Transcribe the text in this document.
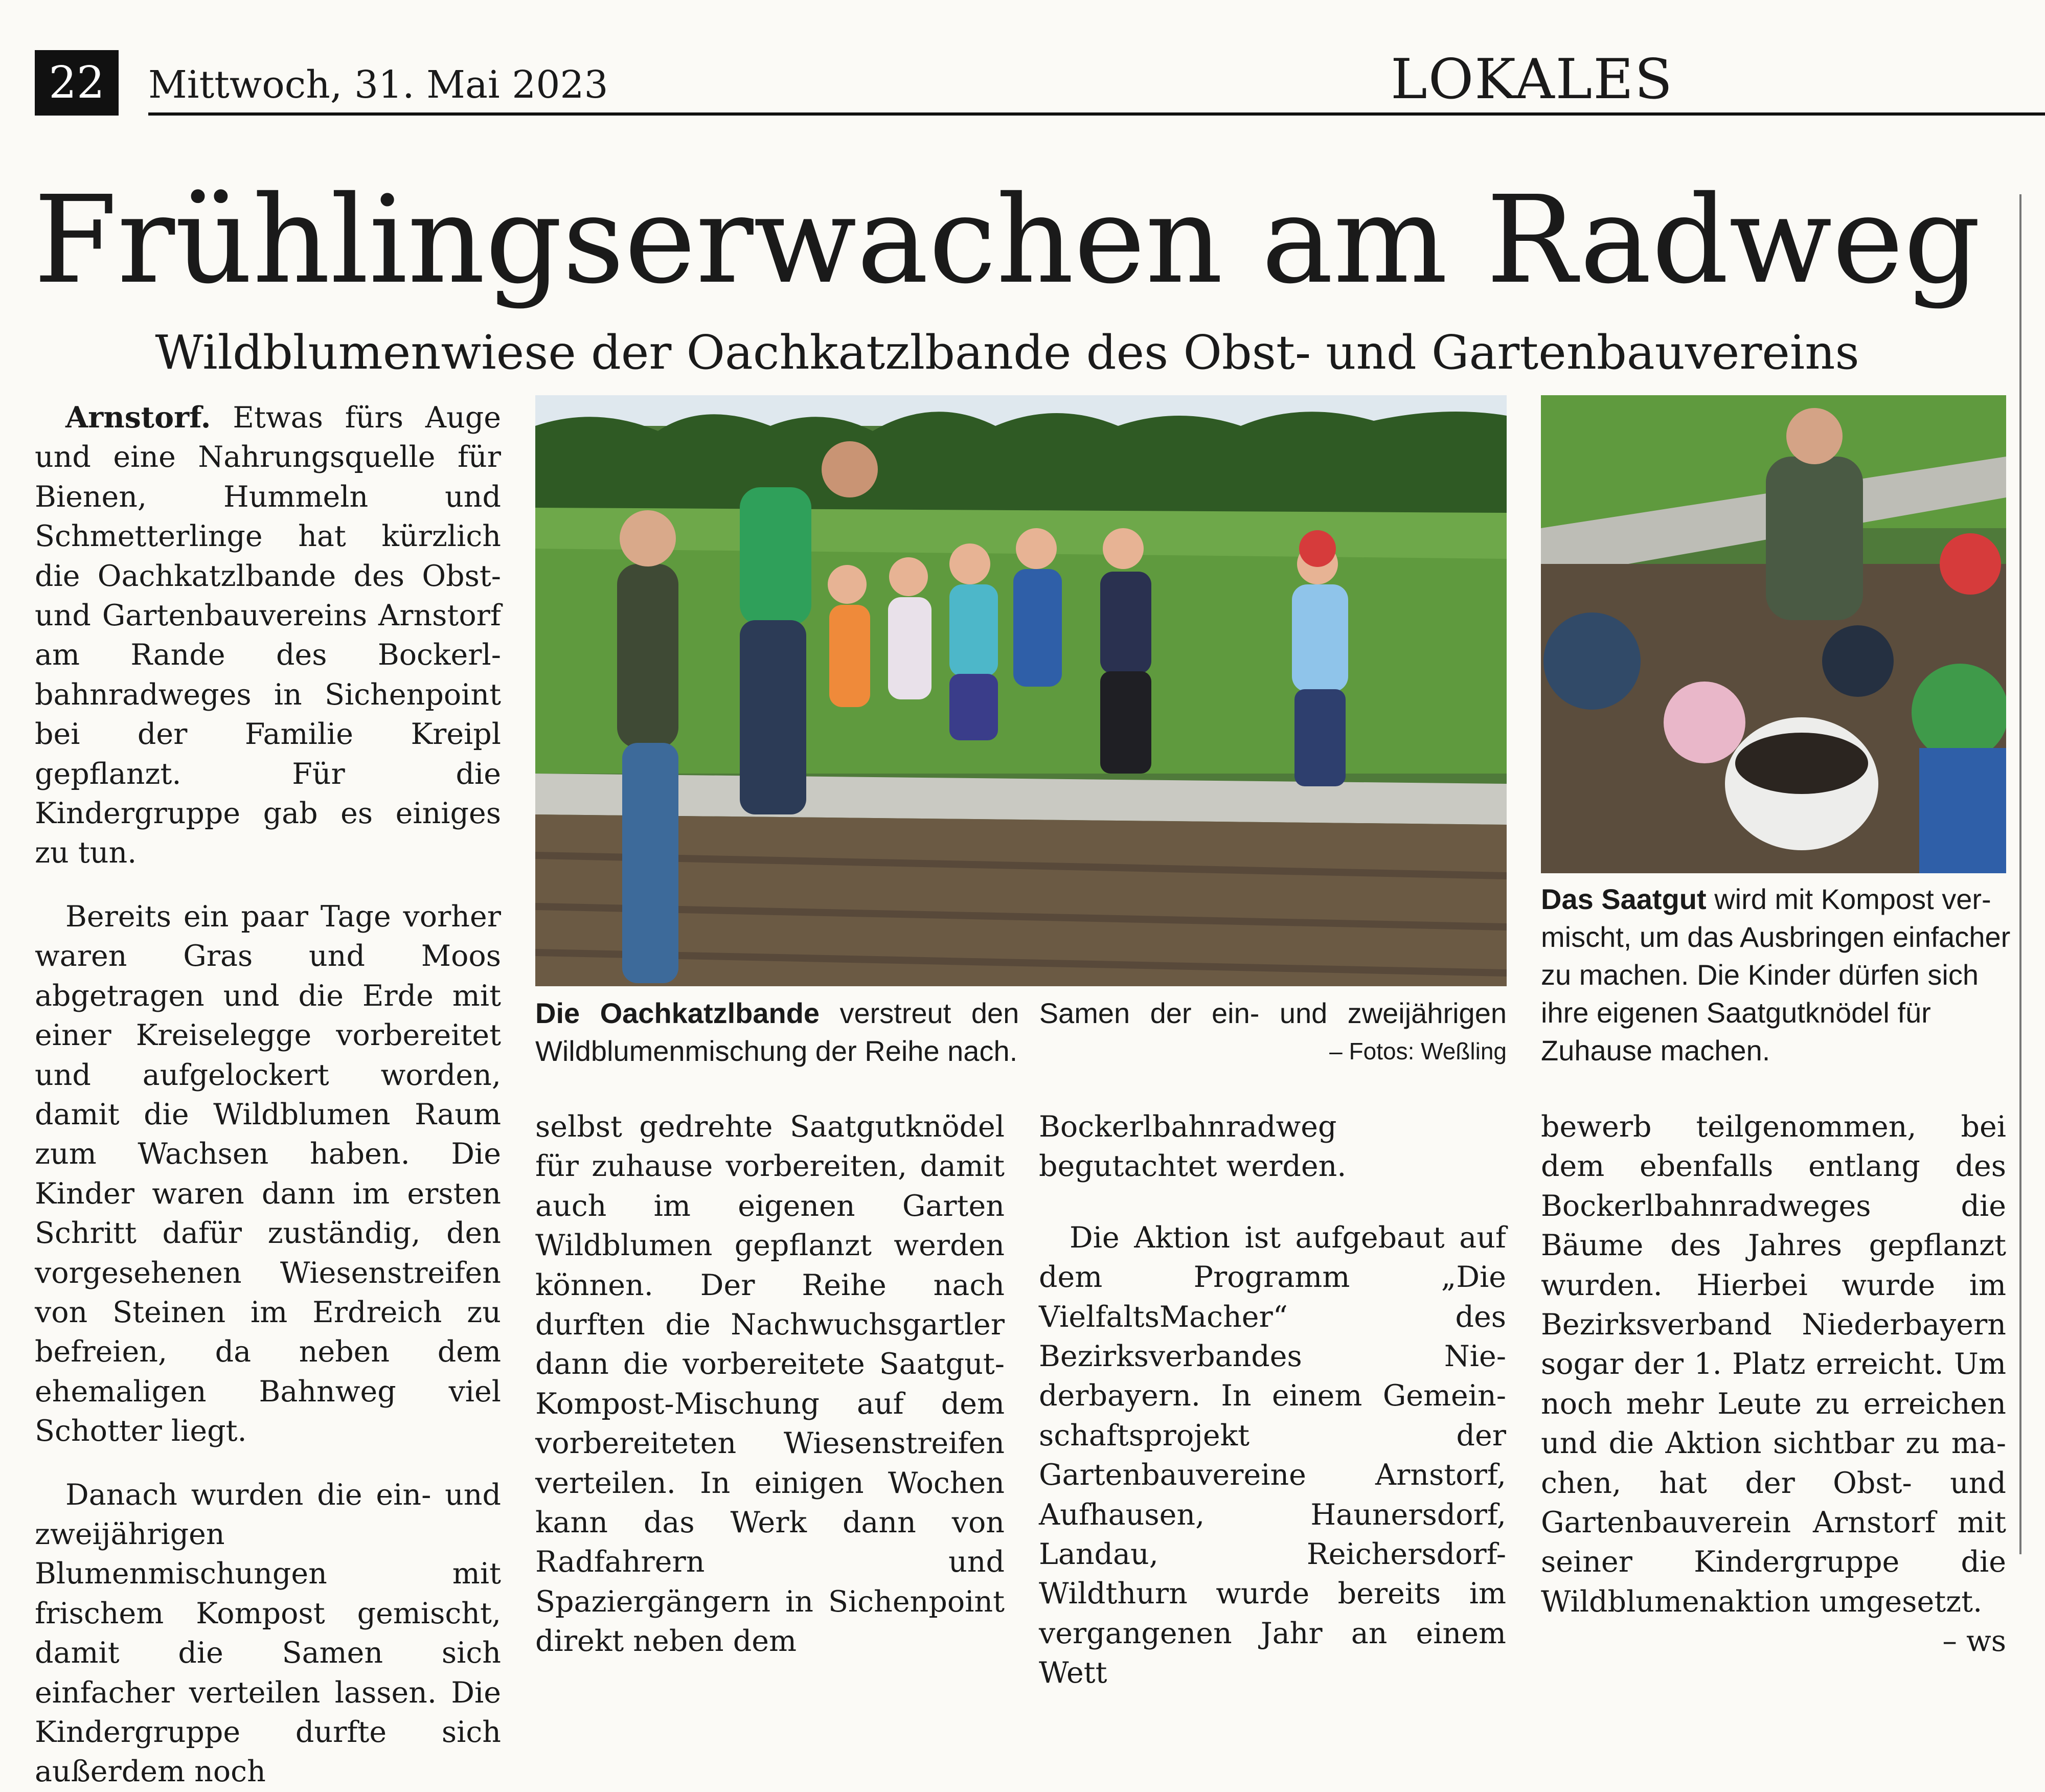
22	Mittwoch, 31. Mai 2023	LOKALES
Frühlingserwachen am Radweg
Wildblumenwiese der Oachkatzlbande des Obst- und Gartenbauvereins

Arnstorf. Etwas fürs Auge und eine Nahrungsquelle für Bienen, Hummeln und Schmetterlinge hat kürzlich die Oachkatzlbande des Obst- und Gartenbauvereins Arnstorf am Rande des Bockerlbahnradweges in Sichenpoint bei der Familie Kreipl gepflanzt. Für die Kindergruppe gab es einiges zu tun.

Bereits ein paar Tage vorher waren Gras und Moos abgetragen und die Erde mit einer Kreiselegge vorbereitet und aufgelockert worden, damit die Wildblumen Raum zum Wachsen haben. Die Kinder waren dann im ersten Schritt dafür zuständig, den vorgesehenen Wiesenstreifen von Steinen im Erdreich zu befreien, da neben dem ehemaligen Bahnweg viel Schotter liegt.

Danach wurden die ein- und zweijährigen Blumenmischungen mit frischem Kompost gemischt, damit die Samen sich einfacher verteilen lassen. Die Kindergruppe durfte sich außerdem noch

Die Oachkatzlbande verstreut den Samen der ein- und zweijährigen Wildblumenmischung der Reihe nach.	– Fotos: Weßling
Das Saatgut wird mit Kompost vermischt, um das Ausbringen einfacher zu machen. Die Kinder dürfen sich ihre eigenen Saatgutknödel für Zuhause machen.

selbst gedrehte Saatgutknödel für zuhause vorbereiten, damit auch im eigenen Garten Wildblumen gepflanzt werden können. Der Reihe nach durften die Nachwuchsgartler dann die vorbereitete Saatgut-Kompost-Mischung auf dem vorbereiteten Wiesenstreifen verteilen. In einigen Wochen kann das Werk dann von Radfahrern und Spaziergängern in Sichenpoint direkt neben dem

Bockerlbahnradweg begutachtet werden.

Die Aktion ist aufgebaut auf dem Programm „Die VielfaltsMacher“ des Bezirksverbandes Niederbayern. In einem Gemeinschaftsprojekt der Gartenbauvereine Arnstorf, Aufhausen, Haunersdorf, Landau, Reichersdorf-Wildthurn wurde bereits im vergangenen Jahr an einem Wett

bewerb teilgenommen, bei dem ebenfalls entlang des Bockerlbahnradweges die Bäume des Jahres gepflanzt wurden. Hierbei wurde im Bezirksverband Niederbayern sogar der 1. Platz erreicht. Um noch mehr Leute zu erreichen und die Aktion sichtbar zu machen, hat der Obst- und Gartenbauverein Arnstorf mit seiner Kindergruppe die Wildblumenaktion umgesetzt.
– ws
